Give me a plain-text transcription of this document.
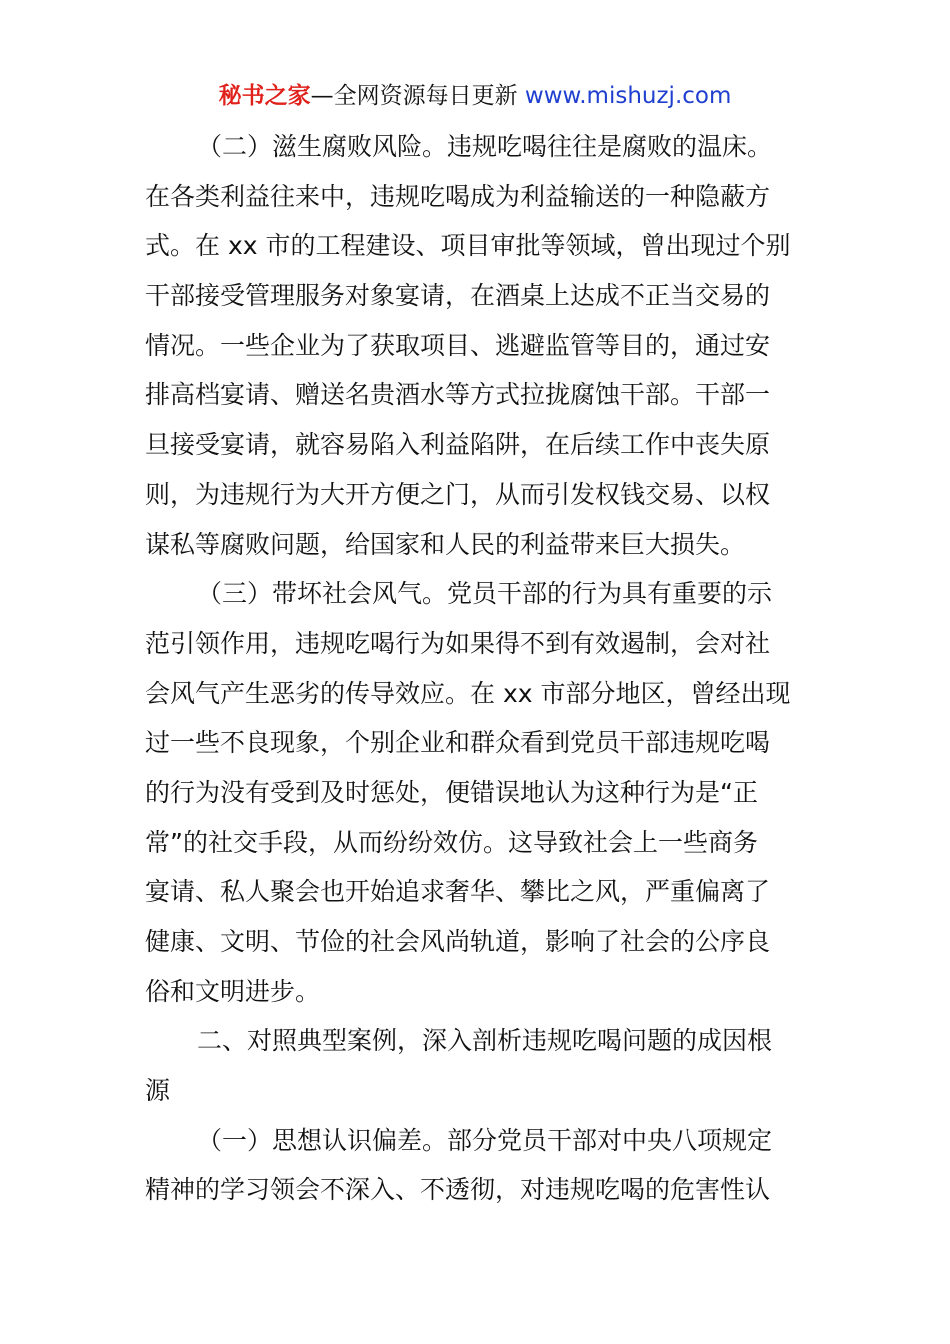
秘书之家—全网资源每日更新 www.mishuzj.com
（二）滋生腐败风险。违规吃喝往往是腐败的温床。
在各类利益往来中，违规吃喝成为利益输送的一种隐蔽方
式。在 xx 市的工程建设、项目审批等领域，曾出现过个别
干部接受管理服务对象宴请，在酒桌上达成不正当交易的
情况。一些企业为了获取项目、逃避监管等目的，通过安
排高档宴请、赠送名贵酒水等方式拉拢腐蚀干部。干部一
旦接受宴请，就容易陷入利益陷阱，在后续工作中丧失原
则，为违规行为大开方便之门，从而引发权钱交易、以权
谋私等腐败问题，给国家和人民的利益带来巨大损失。
（三）带坏社会风气。党员干部的行为具有重要的示
范引领作用，违规吃喝行为如果得不到有效遏制，会对社
会风气产生恶劣的传导效应。在 xx 市部分地区，曾经出现
过一些不良现象，个别企业和群众看到党员干部违规吃喝
的行为没有受到及时惩处，便错误地认为这种行为是“正
常”的社交手段，从而纷纷效仿。这导致社会上一些商务
宴请、私人聚会也开始追求奢华、攀比之风，严重偏离了
健康、文明、节俭的社会风尚轨道，影响了社会的公序良
俗和文明进步。
二、对照典型案例，深入剖析违规吃喝问题的成因根
源
（一）思想认识偏差。部分党员干部对中央八项规定
精神的学习领会不深入、不透彻，对违规吃喝的危害性认
